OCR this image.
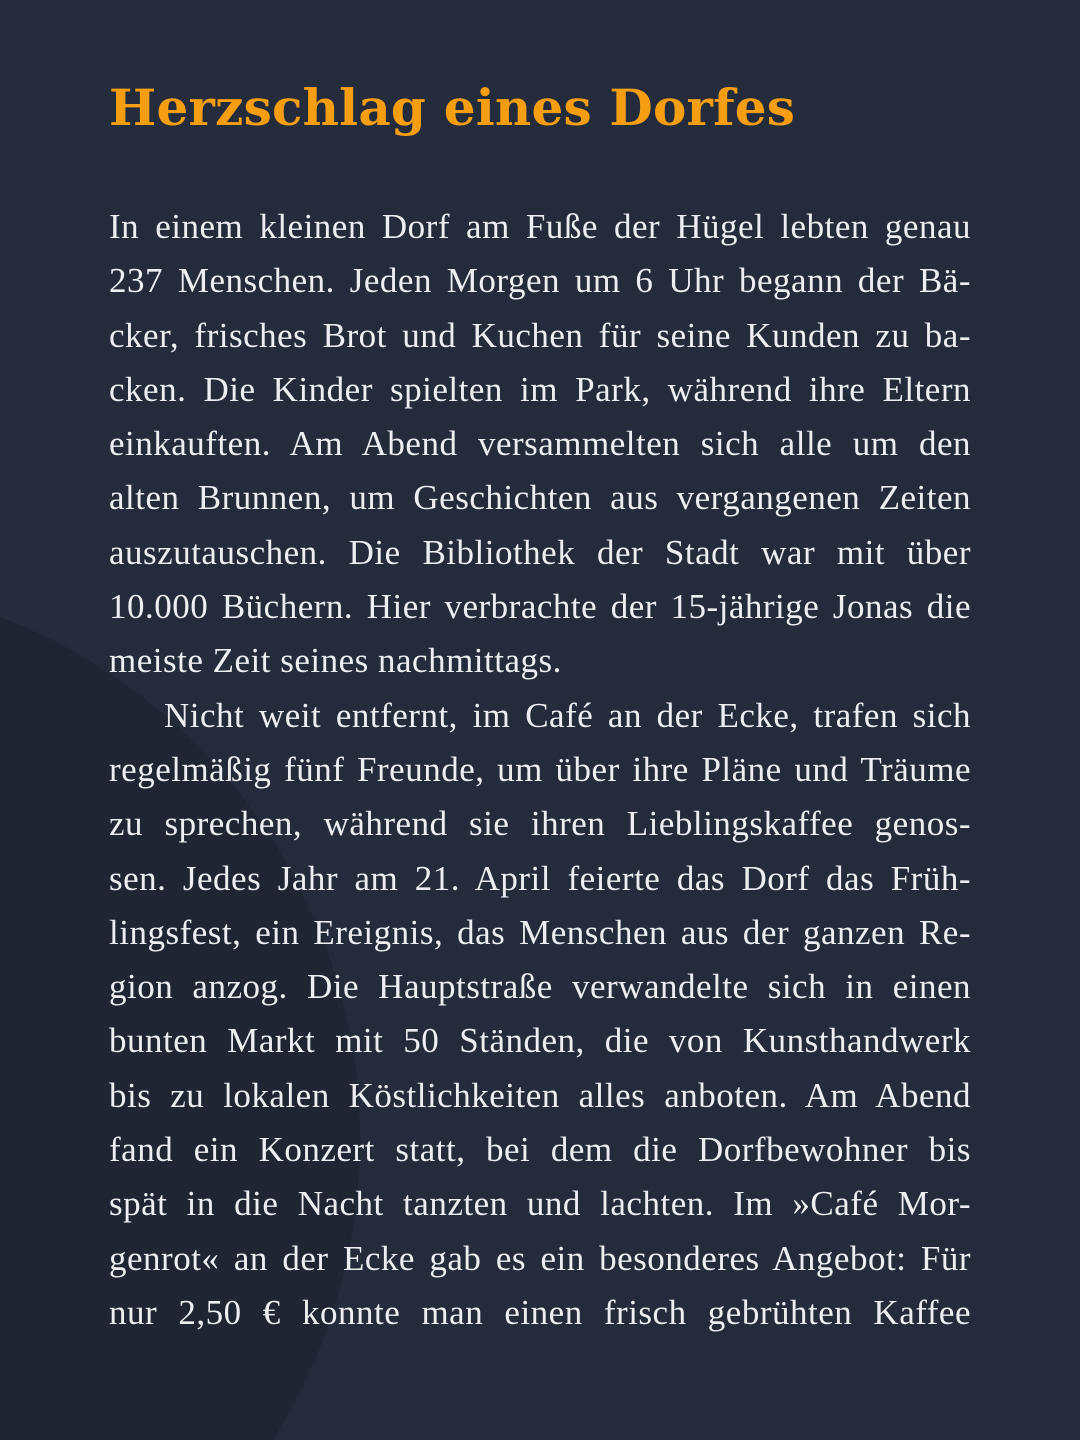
Herzschlag eines Dorfes
In einem kleinen Dorf am Fuße der Hügel lebten genau
237 Menschen. Jeden Morgen um 6 Uhr begann der Bä-
cker, frisches Brot und Kuchen für seine Kunden zu ba-
cken. Die Kinder spielten im Park, während ihre Eltern
einkauften. Am Abend versammelten sich alle um den
alten Brunnen, um Geschichten aus vergangenen Zeiten
auszutauschen. Die Bibliothek der Stadt war mit über
10.000 Büchern. Hier verbrachte der 15-jährige Jonas die
meiste Zeit seines nachmittags.
Nicht weit entfernt, im Café an der Ecke, trafen sich
regelmäßig fünf Freunde, um über ihre Pläne und Träume
zu sprechen, während sie ihren Lieblingskaffee genos-
sen. Jedes Jahr am 21. April feierte das Dorf das Früh-
lingsfest, ein Ereignis, das Menschen aus der ganzen Re-
gion anzog. Die Hauptstraße verwandelte sich in einen
bunten Markt mit 50 Ständen, die von Kunsthandwerk
bis zu lokalen Köstlichkeiten alles anboten. Am Abend
fand ein Konzert statt, bei dem die Dorfbewohner bis
spät in die Nacht tanzten und lachten. Im »Café Mor-
genrot« an der Ecke gab es ein besonderes Angebot: Für
nur 2,50 € konnte man einen frisch gebrühten Kaffee
